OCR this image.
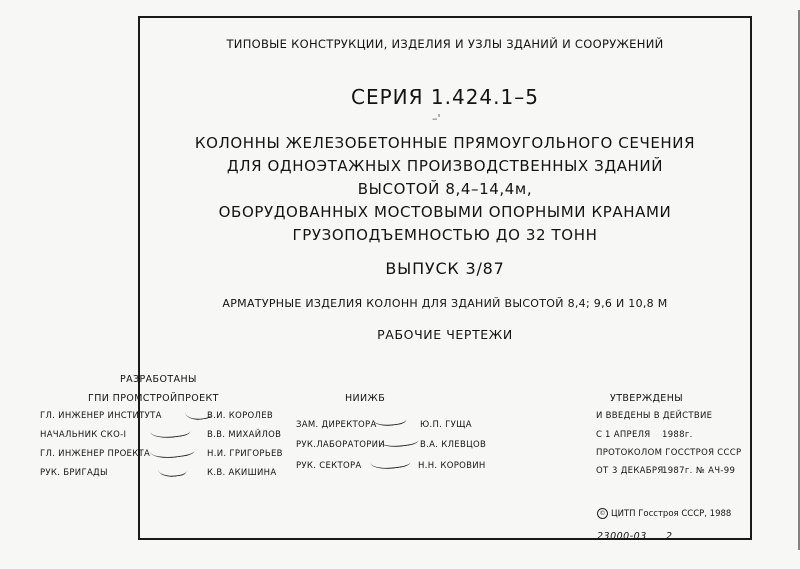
ТИПОВЫЕ КОНСТРУКЦИИ, ИЗДЕЛИЯ И УЗЛЫ ЗДАНИЙ И СООРУЖЕНИЙ
СЕРИЯ 1.424.1–5
–'
КОЛОННЫ ЖЕЛЕЗОБЕТОННЫЕ ПРЯМОУГОЛЬНОГО СЕЧЕНИЯ
ДЛЯ ОДНОЭТАЖНЫХ ПРОИЗВОДСТВЕННЫХ ЗДАНИЙ
ВЫСОТОЙ 8,4–14,4м,
ОБОРУДОВАННЫХ МОСТОВЫМИ ОПОРНЫМИ КРАНАМИ
ГРУЗОПОДЪЕМНОСТЬЮ ДО 32 ТОНН
ВЫПУСК 3/87
АРМАТУРНЫЕ ИЗДЕЛИЯ КОЛОНН ДЛЯ ЗДАНИЙ ВЫСОТОЙ 8,4; 9,6 И 10,8 М
РАБОЧИЕ ЧЕРТЕЖИ
РАЗРАБОТАНЫ
ГПИ ПРОМСТРОЙПРОЕКТ
ГЛ. ИНЖЕНЕР ИНСТИТУТА	В.И. КОРОЛЕВ
НАЧАЛЬНИК СКО-I	В.В. МИХАЙЛОВ
ГЛ. ИНЖЕНЕР ПРОЕКТА	Н.И. ГРИГОРЬЕВ
РУК. БРИГАДЫ	К.В. АКИШИНА
НИИЖБ
ЗАМ. ДИРЕКТОРА	Ю.П. ГУЩА
РУК.ЛАБОРАТОРИИ	В.А. КЛЕВЦОВ
РУК. СЕКТОРА	Н.Н. КОРОВИН
УТВЕРЖДЕНЫ
И ВВЕДЕНЫ В ДЕЙСТВИЕ
С 1 АПРЕЛЯ 1988г.
ПРОТОКОЛОМ ГОССТРОЯ СССР
ОТ 3 ДЕКАБРЯ
1987г. № АЧ-99
© ЦИТП Госстроя СССР, 1988
23000-03 2
